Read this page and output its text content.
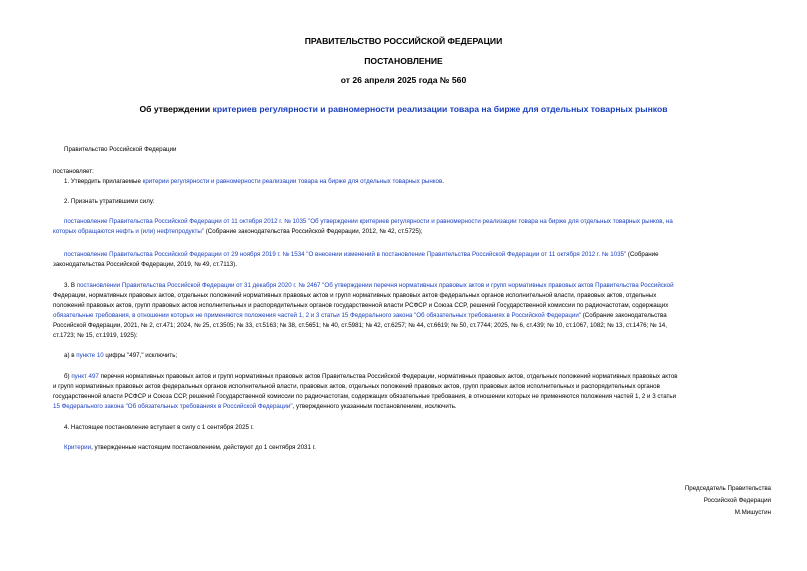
ПРАВИТЕЛЬСТВО РОССИЙСКОЙ ФЕДЕРАЦИИ
ПОСТАНОВЛЕНИЕ
от 26 апреля 2025 года № 560
Об утверждении критериев регулярности и равномерности реализации товара на бирже для отдельных товарных рынков
Правительство Российской Федерации
постановляет:
1. Утвердить прилагаемые критерии регулярности и равномерности реализации товара на бирже для отдельных товарных рынков.
2. Признать утратившими силу:
постановление Правительства Российской Федерации от 11 октября 2012 г. № 1035 "Об утверждении критериев регулярности и равномерности реализации товара на бирже для отдельных товарных рынков, на
которых обращаются нефть и (или) нефтепродукты" (Собрание законодательства Российской Федерации, 2012, № 42, ст.5725);
постановление Правительства Российской Федерации от 29 ноября 2019 г. № 1534 "О внесении изменений в постановление Правительства Российской Федерации от 11 октября 2012 г. № 1035" (Собрание
законодательства Российской Федерации, 2019, № 49, ст.7113).
3. В постановлении Правительства Российской Федерации от 31 декабря 2020 г. № 2467 "Об утверждении перечня нормативных правовых актов и групп нормативных правовых актов Правительства Российской
Федерации, нормативных правовых актов, отдельных положений нормативных правовых актов и групп нормативных правовых актов федеральных органов исполнительной власти, правовых актов, отдельных
положений правовых актов, групп правовых актов исполнительных и распорядительных органов государственной власти РСФСР и Союза ССР, решений Государственной комиссии по радиочастотам, содержащих
обязательные требования, в отношении которых не применяются положения частей 1, 2 и 3 статьи 15 Федерального закона "Об обязательных требованиях в Российской Федерации" (Собрание законодательства
Российской Федерации, 2021, № 2, ст.471; 2024, № 25, ст.3505; № 33, ст.5163; № 38, ст.5651; № 40, ст.5981; № 42, ст.6257; № 44, ст.6619; № 50, ст.7744; 2025, № 6, ст.439; № 10, ст.1067, 1082; № 13, ст.1476; № 14,
ст.1723; № 15, ст.1919, 1925):
а) в пункте 10 цифры "497," исключить;
б) пункт 497 перечня нормативных правовых актов и групп нормативных правовых актов Правительства Российской Федерации, нормативных правовых актов, отдельных положений нормативных правовых актов
и групп нормативных правовых актов федеральных органов исполнительной власти, правовых актов, отдельных положений правовых актов, групп правовых актов исполнительных и распорядительных органов
государственной власти РСФСР и Союза ССР, решений Государственной комиссии по радиочастотам, содержащих обязательные требования, в отношении которых не применяются положения частей 1, 2 и 3 статьи
15 Федерального закона "Об обязательных требованиях в Российской Федерации", утвержденного указанным постановлением, исключить.
4. Настоящее постановление вступает в силу с 1 сентября 2025 г.
Критерии, утвержденные настоящим постановлением, действуют до 1 сентября 2031 г.
Председатель Правительства
Российской Федерации
М.Мишустин
